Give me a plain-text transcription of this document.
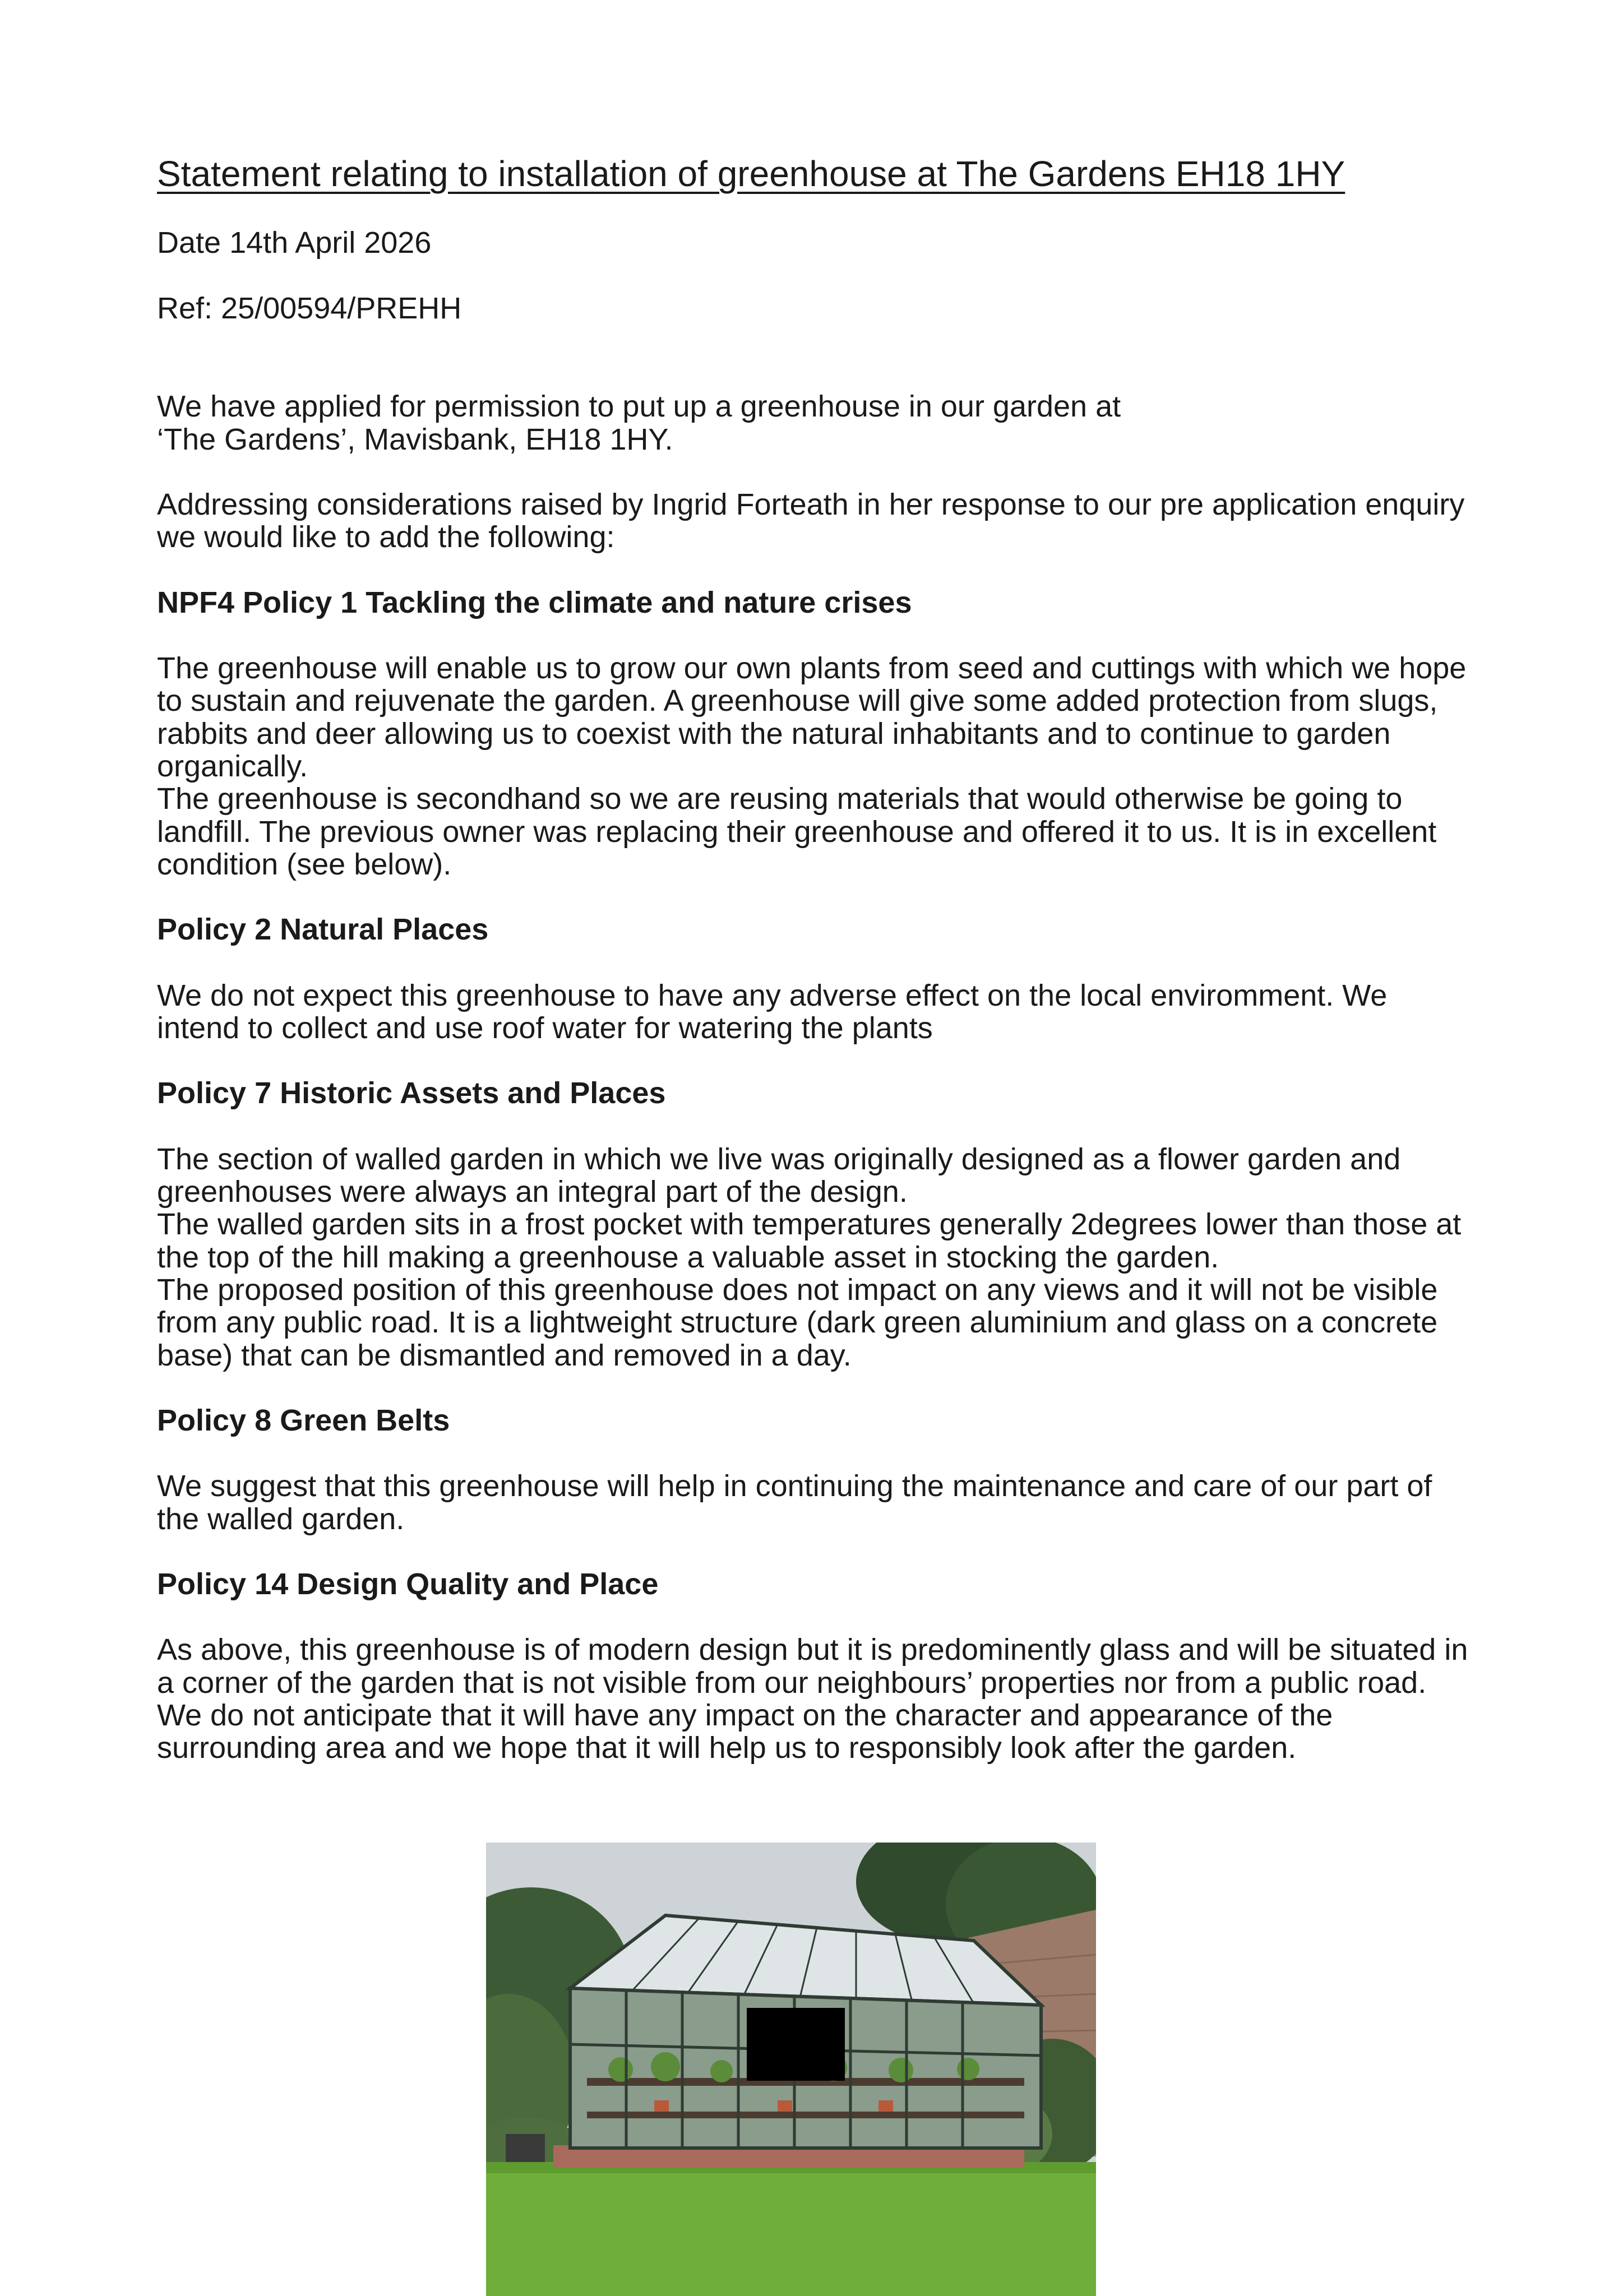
Statement relating to installation of greenhouse at The Gardens EH18 1HY

Date 14th April 2026

Ref: 25/00594/PREHH

We have applied for permission to put up a greenhouse in our garden at
‘The Gardens’, Mavisbank, EH18 1HY.

Addressing considerations raised by Ingrid Forteath in her response to our pre application enquiry
we would like to add the following:

NPF4 Policy 1 Tackling the climate and nature crises

The greenhouse will enable us to grow our own plants from seed and cuttings with which we hope
to sustain and rejuvenate the garden. A greenhouse will give some added protection from slugs,
rabbits and deer allowing us to coexist with the natural inhabitants and to continue to garden
organically.
The greenhouse is secondhand so we are reusing materials that would otherwise be going to
landfill. The previous owner was replacing their greenhouse and offered it to us. It is in excellent
condition (see below).

Policy 2 Natural Places

We do not expect this greenhouse to have any adverse effect on the local enviromment. We
intend to collect and use roof water for watering the plants

Policy 7 Historic Assets and Places

The section of walled garden in which we live was originally designed as a flower garden and
greenhouses were always an integral part of the design.
The walled garden sits in a frost pocket with temperatures generally 2degrees lower than those at
the top of the hill making a greenhouse a valuable asset in stocking the garden.
The proposed position of this greenhouse does not impact on any views and it will not be visible
from any public road. It is a lightweight structure (dark green aluminium and glass on a concrete
base) that can be dismantled and removed in a day.

Policy 8 Green Belts

We suggest that this greenhouse will help in continuing the maintenance and care of our part of
the walled garden.

Policy 14 Design Quality and Place

As above, this greenhouse is of modern design but it is predominently glass and will be situated in
a corner of the garden that is not visible from our neighbours’ properties nor from a public road.
We do not anticipate that it will have any impact on the character and appearance of the
surrounding area and we hope that it will help us to responsibly look after the garden.
